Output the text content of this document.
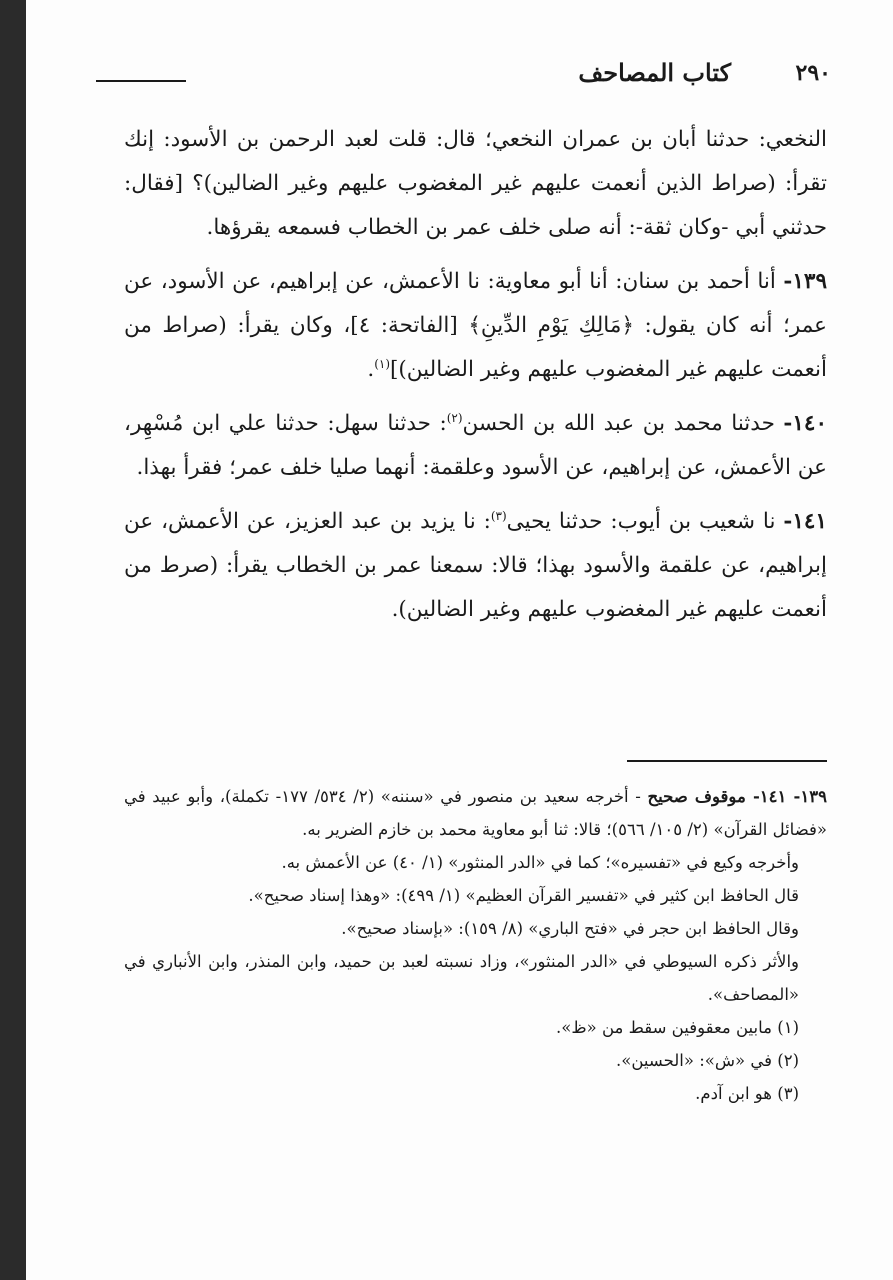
٢٩٠
كتاب المصاحف

النخعي: حدثنا أبان بن عمران النخعي؛ قال: قلت لعبد الرحمن بن الأسود: إنك تقرأ: (صراط الذين أنعمت عليهم غير المغضوب عليهم وغير الضالين)؟ [فقال: حدثني أبي -وكان ثقة-: أنه صلى خلف عمر بن الخطاب فسمعه يقرؤها.

١٣٩- أنا أحمد بن سنان: أنا أبو معاوية: نا الأعمش، عن إبراهيم، عن الأسود، عن عمر؛ أنه كان يقول: ﴿مَالِكِ يَوْمِ الدِّينِ﴾ [الفاتحة: ٤]، وكان يقرأ: (صراط من أنعمت عليهم غير المغضوب عليهم وغير الضالين)]$^{(١)}$.

١٤٠- حدثنا محمد بن عبد الله بن الحسن$^{(٢)}$: حدثنا سهل: حدثنا علي ابن مُسْهِر، عن الأعمش، عن إبراهيم، عن الأسود وعلقمة: أنهما صليا خلف عمر؛ فقرأ بهذا.

١٤١- نا شعيب بن أيوب: حدثنا يحيى$^{(٣)}$: نا يزيد بن عبد العزيز، عن الأعمش، عن إبراهيم، عن علقمة والأسود بهذا؛ قالا: سمعنا عمر بن الخطاب يقرأ: (صرط من أنعمت عليهم غير المغضوب عليهم وغير الضالين).

١٣٩- ١٤١- موقوف صحيح - أخرجه سعيد بن منصور في «سننه» (٢/ ٥٣٤/ ١٧٧- تكملة)، وأبو عبيد في «فضائل القرآن» (٢/ ١٠٥/ ٥٦٦)؛ قالا: ثنا أبو معاوية محمد بن خازم الضرير به.

وأخرجه وكيع في «تفسيره»؛ كما في «الدر المنثور» (١/ ٤٠) عن الأعمش به.

قال الحافظ ابن كثير في «تفسير القرآن العظيم» (١/ ٤٩٩): «وهذا إسناد صحيح».

وقال الحافظ ابن حجر في «فتح الباري» (٨/ ١٥٩): «بإسناد صحيح».

والأثر ذكره السيوطي في «الدر المنثور»، وزاد نسبته لعبد بن حميد، وابن المنذر، وابن الأنباري في «المصاحف».

(١) مابين معقوفين سقط من «ظ».

(٢) في «ش»: «الحسين».

(٣) هو ابن آدم.
